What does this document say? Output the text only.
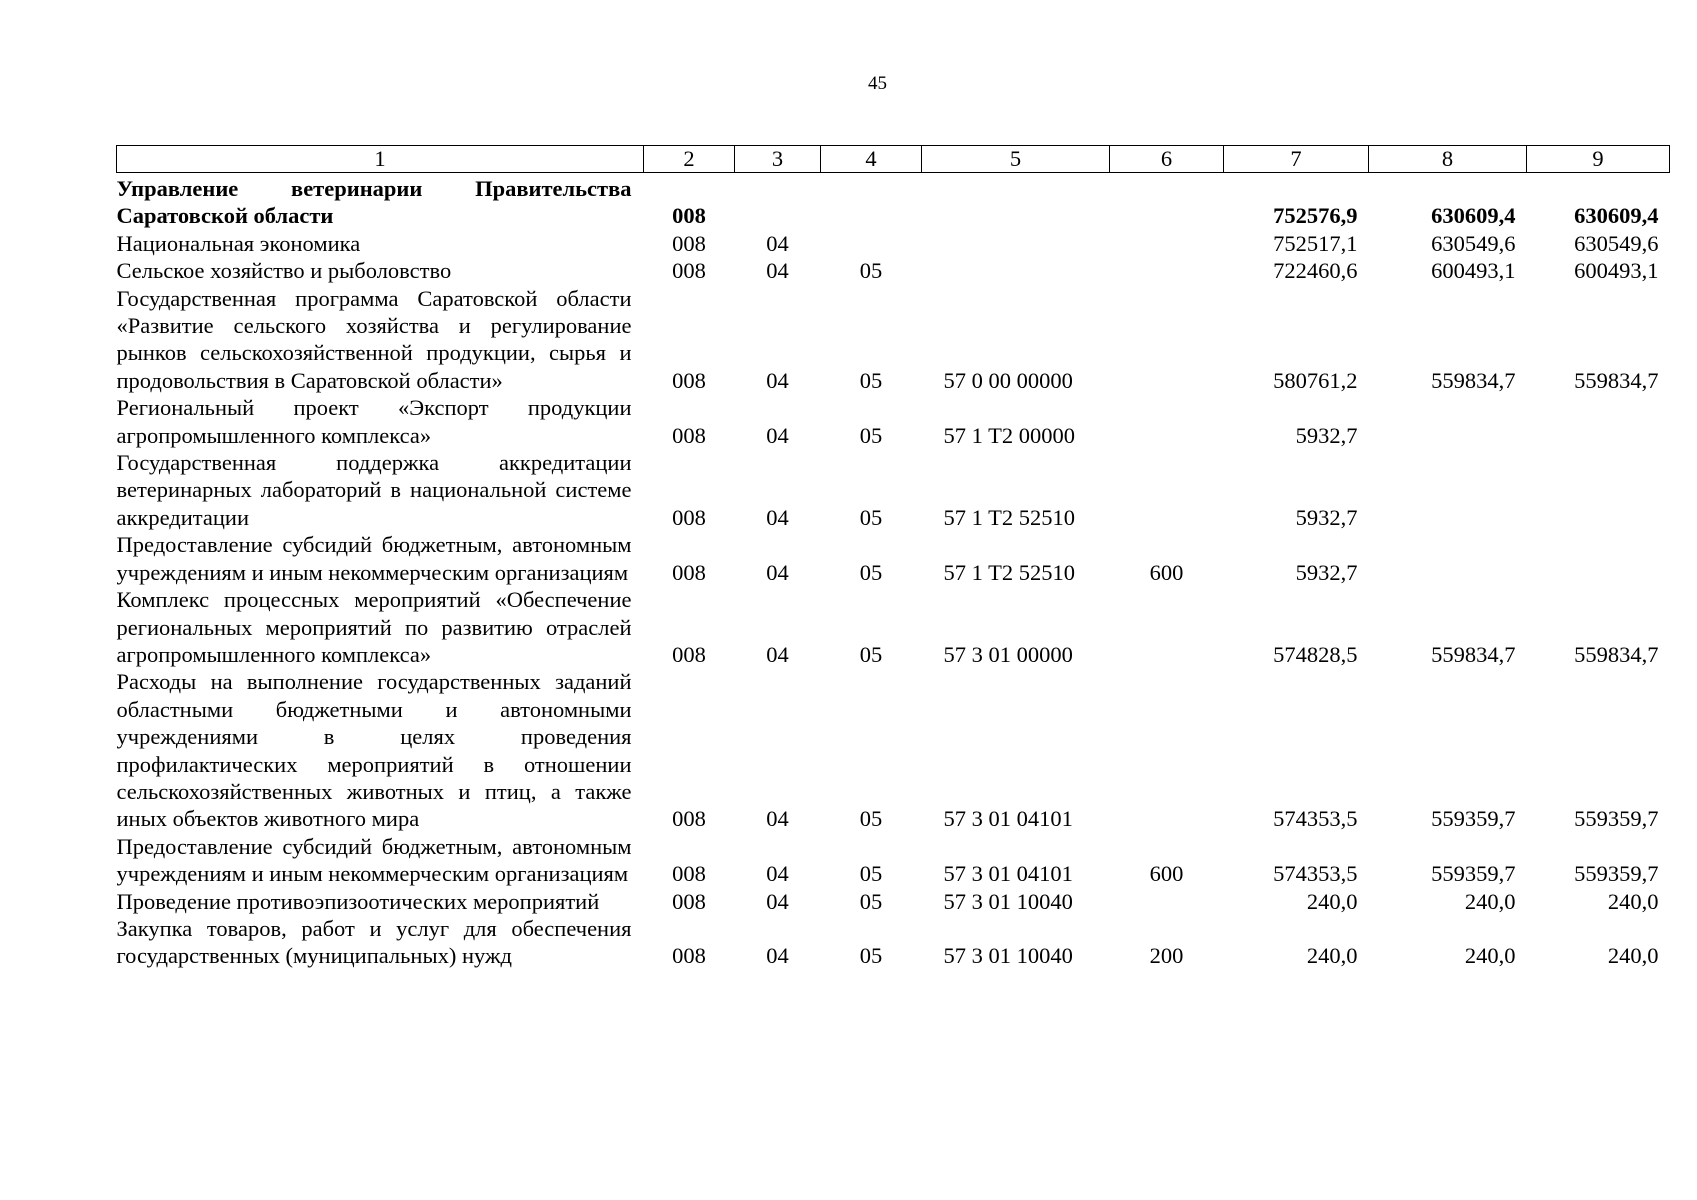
45
1	2	3	4	5	6	7	8	9
Управление ветеринарии Правительства Саратовской области	008					752576,9	630609,4	630609,4
Национальная экономика	008	04				752517,1	630549,6	630549,6
Сельское хозяйство и рыболовство	008	04	05			722460,6	600493,1	600493,1
Государственная программа Саратовской области «Развитие сельского хозяйства и регулирование рынков сельскохозяйственной продукции, сырья и продовольствия в Саратовской области»	008	04	05	57 0 00 00000		580761,2	559834,7	559834,7
Региональный проект «Экспорт продукции агропромышленного комплекса»	008	04	05	57 1 T2 00000		5932,7		
Государственная поддержка аккредитации ветеринарных лабораторий в национальной системе аккредитации	008	04	05	57 1 T2 52510		5932,7		
Предоставление субсидий бюджетным, автономным учреждениям и иным некоммерческим организациям	008	04	05	57 1 T2 52510	600	5932,7		
Комплекс процессных мероприятий «Обеспечение региональных мероприятий по развитию отраслей агропромышленного комплекса»	008	04	05	57 3 01 00000		574828,5	559834,7	559834,7
Расходы на выполнение государственных заданий областными бюджетными и автономными учреждениями в целях проведения профилактических мероприятий в отношении сельскохозяйственных животных и птиц, а также иных объектов животного мира	008	04	05	57 3 01 04101		574353,5	559359,7	559359,7
Предоставление субсидий бюджетным, автономным учреждениям и иным некоммерческим организациям	008	04	05	57 3 01 04101	600	574353,5	559359,7	559359,7
Проведение противоэпизоотических мероприятий	008	04	05	57 3 01 10040		240,0	240,0	240,0
Закупка товаров, работ и услуг для обеспечения государственных (муниципальных) нужд	008	04	05	57 3 01 10040	200	240,0	240,0	240,0
